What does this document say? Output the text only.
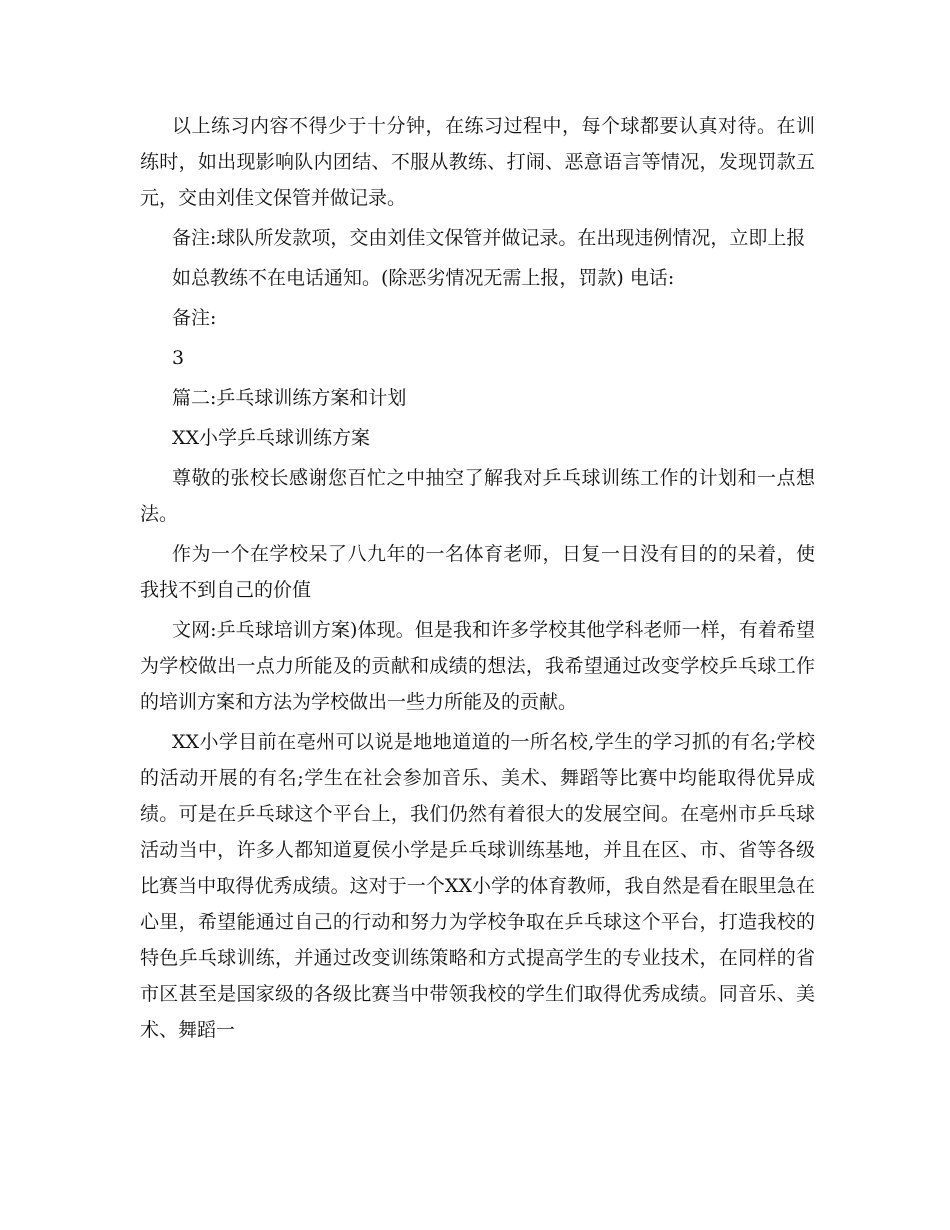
以上练习内容不得少于十分钟，在练习过程中，每个球都要认真对待。在训练时，如出现影响队内团结、不服从教练、打闹、恶意语言等情况，发现罚款五元，交由刘佳文保管并做记录。

备注:球队所发款项，交由刘佳文保管并做记录。在出现违例情况，立即上报

如总教练不在电话通知。(除恶劣情况无需上报，罚款) 电话:

备注:

3

篇二:乒乓球训练方案和计划

XX小学乒乓球训练方案

尊敬的张校长感谢您百忙之中抽空了解我对乒乓球训练工作的计划和一点想法。

作为一个在学校呆了八九年的一名体育老师，日复一日没有目的的呆着，使我找不到自己的价值

文网:乒乓球培训方案)体现。但是我和许多学校其他学科老师一样，有着希望为学校做出一点力所能及的贡献和成绩的想法，我希望通过改变学校乒乓球工作的培训方案和方法为学校做出一些力所能及的贡献。

XX小学目前在亳州可以说是地地道道的一所名校,学生的学习抓的有名;学校的活动开展的有名;学生在社会参加音乐、美术、舞蹈等比赛中均能取得优异成绩。可是在乒乓球这个平台上，我们仍然有着很大的发展空间。在亳州市乒乓球活动当中，许多人都知道夏侯小学是乒乓球训练基地，并且在区、市、省等各级比赛当中取得优秀成绩。这对于一个XX小学的体育教师，我自然是看在眼里急在心里，希望能通过自己的行动和努力为学校争取在乒乓球这个平台，打造我校的特色乒乓球训练，并通过改变训练策略和方式提高学生的专业技术，在同样的省市区甚至是国家级的各级比赛当中带领我校的学生们取得优秀成绩。同音乐、美术、舞蹈一
